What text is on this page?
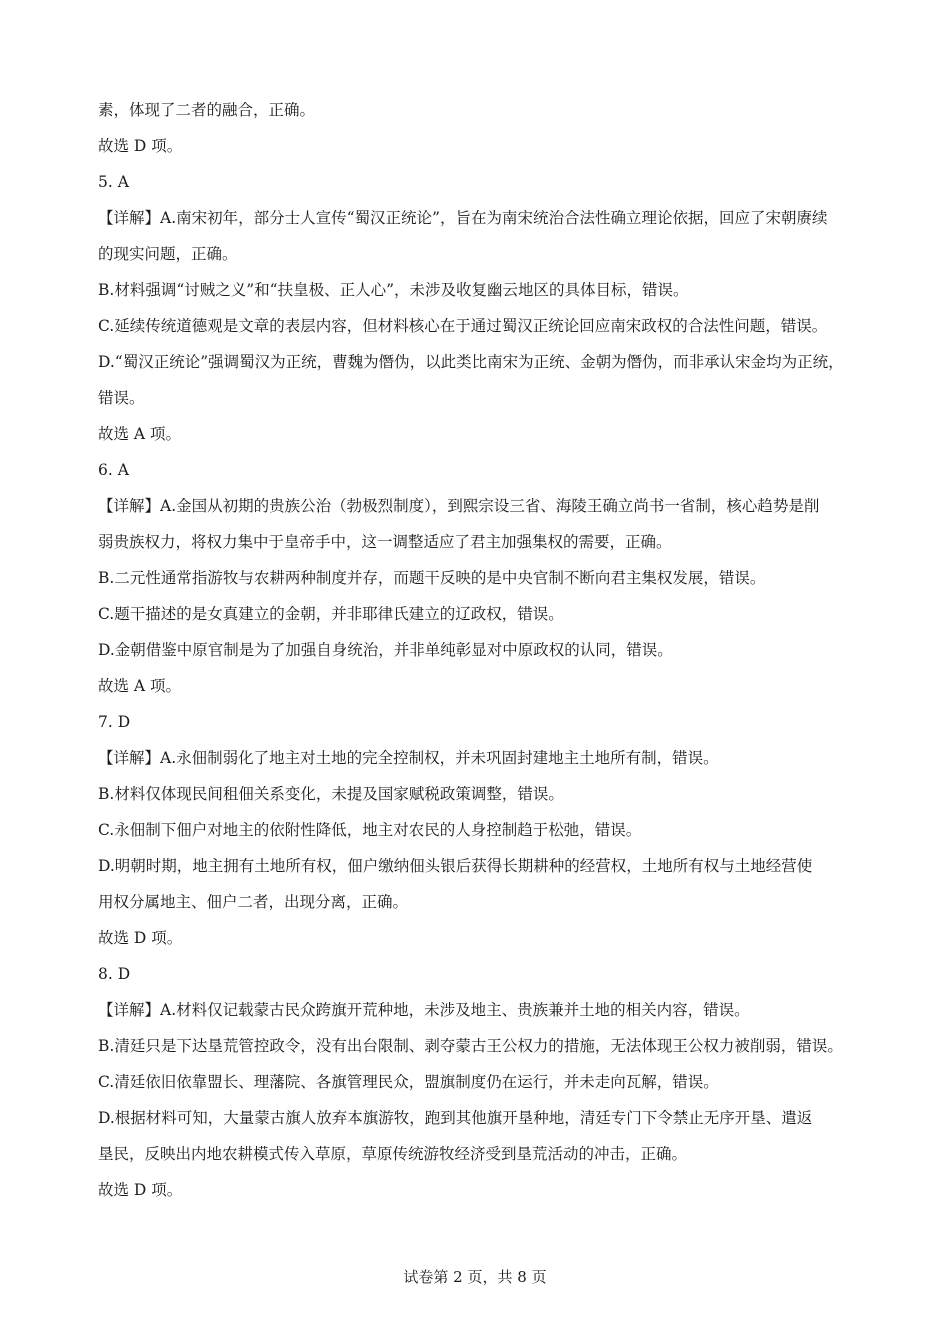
素，体现了二者的融合，正确。
故选 D 项。
5. A
【详解】A.南宋初年，部分士人宣传“蜀汉正统论”，旨在为南宋统治合法性确立理论依据，回应了宋朝赓续
的现实问题，正确。
B.材料强调“讨贼之义”和“扶皇极、正人心”，未涉及收复幽云地区的具体目标，错误。
C.延续传统道德观是文章的表层内容，但材料核心在于通过蜀汉正统论回应南宋政权的合法性问题，错误。
D.“蜀汉正统论”强调蜀汉为正统，曹魏为僭伪，以此类比南宋为正统、金朝为僭伪，而非承认宋金均为正统，
错误。
故选 A 项。
6. A
【详解】A.金国从初期的贵族公治（勃极烈制度），到熙宗设三省、海陵王确立尚书一省制，核心趋势是削
弱贵族权力，将权力集中于皇帝手中，这一调整适应了君主加强集权的需要，正确。
B.二元性通常指游牧与农耕两种制度并存，而题干反映的是中央官制不断向君主集权发展，错误。
C.题干描述的是女真建立的金朝，并非耶律氏建立的辽政权，错误。
D.金朝借鉴中原官制是为了加强自身统治，并非单纯彰显对中原政权的认同，错误。
故选 A 项。
7. D
【详解】A.永佃制弱化了地主对土地的完全控制权，并未巩固封建地主土地所有制，错误。
B.材料仅体现民间租佃关系变化，未提及国家赋税政策调整，错误。
C.永佃制下佃户对地主的依附性降低，地主对农民的人身控制趋于松弛，错误。
D.明朝时期，地主拥有土地所有权，佃户缴纳佃头银后获得长期耕种的经营权，土地所有权与土地经营使
用权分属地主、佃户二者，出现分离，正确。
故选 D 项。
8. D
【详解】A.材料仅记载蒙古民众跨旗开荒种地，未涉及地主、贵族兼并土地的相关内容，错误。
B.清廷只是下达垦荒管控政令，没有出台限制、剥夺蒙古王公权力的措施，无法体现王公权力被削弱，错误。
C.清廷依旧依靠盟长、理藩院、各旗管理民众，盟旗制度仍在运行，并未走向瓦解，错误。
D.根据材料可知，大量蒙古旗人放弃本旗游牧，跑到其他旗开垦种地，清廷专门下令禁止无序开垦、遣返
垦民，反映出内地农耕模式传入草原，草原传统游牧经济受到垦荒活动的冲击，正确。
故选 D 项。
试卷第 2 页，共 8 页
